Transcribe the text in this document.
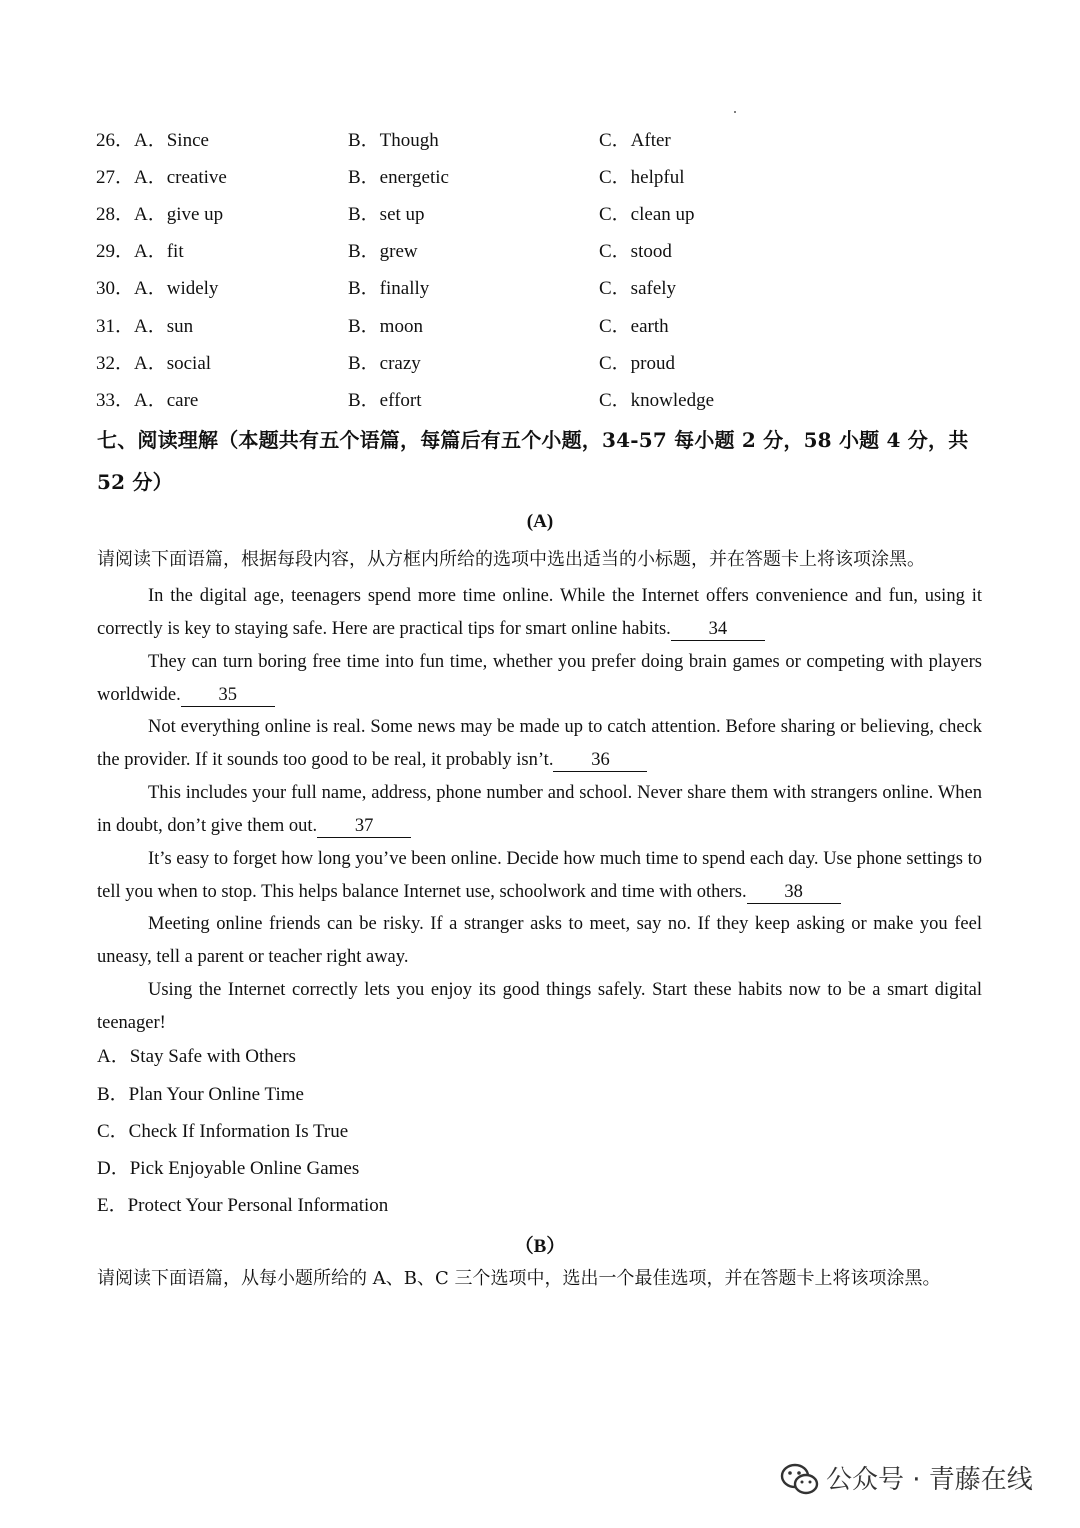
26． A．Since	B．Though	C．After
27． A．creative	B．energetic	C．helpful
28． A．give up	B．set up	C．clean up
29． A．fit	B．grew	C．stood
30． A．widely	B．finally	C．safely
31． A．sun	B．moon	C．earth
32． A．social	B．crazy	C．proud
33． A．care	B．effort	C．knowledge
七、阅读理解（本题共有五个语篇，每篇后有五个小题，34-57 每小题 2 分，58 小题 4 分，共 52 分）
(A)
请阅读下面语篇，根据每段内容，从方框内所给的选项中选出适当的小标题，并在答题卡上将该项涂黑。
In the digital age, teenagers spend more time online. While the Internet offers convenience and fun, using it correctly is key to staying safe. Here are practical tips for smart online habits. 34
They can turn boring free time into fun time, whether you prefer doing brain games or competing with players worldwide. 35
Not everything online is real. Some news may be made up to catch attention. Before sharing or believing, check the provider. If it sounds too good to be real, it probably isn’t. 36
This includes your full name, address, phone number and school. Never share them with strangers online. When in doubt, don’t give them out. 37
It’s easy to forget how long you’ve been online. Decide how much time to spend each day. Use phone settings to tell you when to stop. This helps balance Internet use, schoolwork and time with others. 38
Meeting online friends can be risky. If a stranger asks to meet, say no. If they keep asking or make you feel uneasy, tell a parent or teacher right away.
Using the Internet correctly lets you enjoy its good things safely. Start these habits now to be a smart digital teenager!
A．Stay Safe with Others
B．Plan Your Online Time
C．Check If Information Is True
D．Pick Enjoyable Online Games
E．Protect Your Personal Information
（B）
请阅读下面语篇，从每小题所给的 A、B、C 三个选项中，选出一个最佳选项，并在答题卡上将该项涂黑。
公众号 · 青藤在线
